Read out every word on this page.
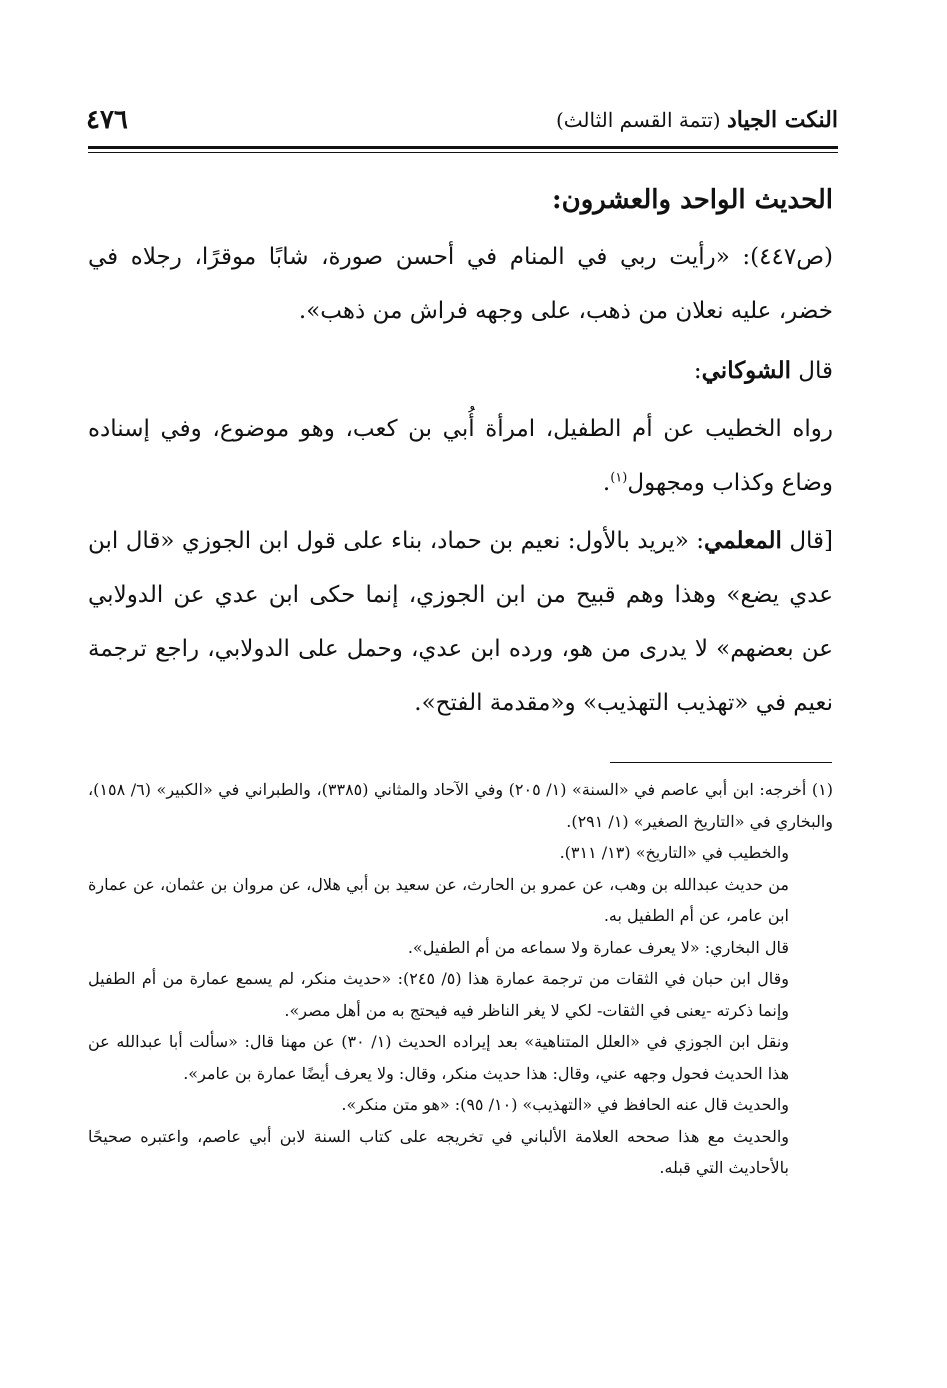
النكت الجياد (تتمة القسم الثالث)
٤٧٦

الحديث الواحد والعشرون:

(ص٤٤٧): «رأيت ربي في المنام في أحسن صورة، شابًا موقرًا، رجلاه في خضر، عليه نعلان من ذهب، على وجهه فراش من ذهب».

قال الشوكاني:

رواه الخطيب عن أم الطفيل، امرأة أُبي بن كعب، وهو موضوع، وفي إسناده وضاع وكذاب ومجهول$^{(١)}$.

[قال المعلمي: «يريد بالأول: نعيم بن حماد، بناء على قول ابن الجوزي «قال ابن عدي يضع» وهذا وهم قبيح من ابن الجوزي، إنما حكى ابن عدي عن الدولابي عن بعضهم» لا يدرى من هو، ورده ابن عدي، وحمل على الدولابي، راجع ترجمة نعيم في «تهذيب التهذيب» و«مقدمة الفتح».

(١) أخرجه: ابن أبي عاصم في «السنة» (١/ ٢٠٥) وفي الآحاد والمثاني (٣٣٨٥)، والطبراني في «الكبير» (٦/ ١٥٨)، والبخاري في «التاريخ الصغير» (١/ ٢٩١).

والخطيب في «التاريخ» (١٣/ ٣١١).

من حديث عبدالله بن وهب، عن عمرو بن الحارث، عن سعيد بن أبي هلال، عن مروان بن عثمان، عن عمارة ابن عامر، عن أم الطفيل به.

قال البخاري: «لا يعرف عمارة ولا سماعه من أم الطفيل».

وقال ابن حبان في الثقات من ترجمة عمارة هذا (٥/ ٢٤٥): «حديث منكر، لم يسمع عمارة من أم الطفيل وإنما ذكرته -يعنى في الثقات- لكي لا يغر الناظر فيه فيحتج به من أهل مصر».

ونقل ابن الجوزي في «العلل المتناهية» بعد إيراده الحديث (١/ ٣٠) عن مهنا قال: «سألت أبا عبدالله عن هذا الحديث فحول وجهه عني، وقال: هذا حديث منكر، وقال: ولا يعرف أيضًا عمارة بن عامر».

والحديث قال عنه الحافظ في «التهذيب» (١٠/ ٩٥): «هو متن منكر».

والحديث مع هذا صححه العلامة الألباني في تخريجه على كتاب السنة لابن أبي عاصم، واعتبره صحيحًا بالأحاديث التي قبله.
